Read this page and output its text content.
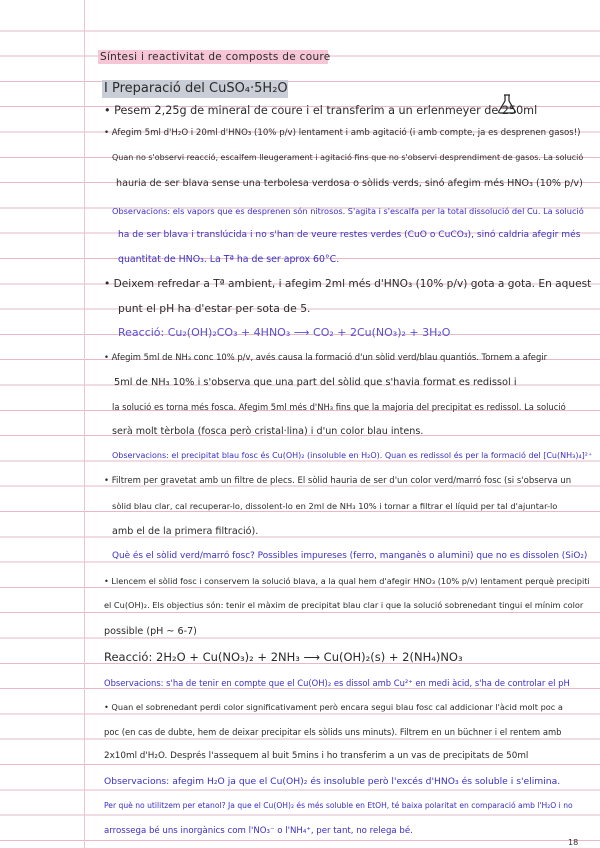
Síntesi i reactivitat de composts de coure
I Preparació del CuSO₄·5H₂O
• Pesem 2,25g de mineral de coure i el transferim a un erlenmeyer de 250ml
• Afegim 5ml d'H₂O i 20ml d'HNO₃ (10% p/v) lentament i amb agitació (i amb compte, ja es desprenen gasos!)
Quan no s'observi reacció, escalfem lleugerament i agitació fins que no s'observi desprendiment de gasos. La solució
hauria de ser blava sense una terbolesa verdosa o sòlids verds, sinó afegim més HNO₃ (10% p/v)
Observacions: els vapors que es desprenen són nitrosos. S'agita i s'escalfa per la total dissolució del Cu. La solució
ha de ser blava i translúcida i no s'han de veure restes verdes (CuO o CuCO₃), sinó caldria afegir més
quantitat de HNO₃. La Tª ha de ser aprox 60°C.
• Deixem refredar a Tª ambient, i afegim 2ml més d'HNO₃ (10% p/v) gota a gota. En aquest
punt el pH ha d'estar per sota de 5.
Reacció: Cu₂(OH)₂CO₃ + 4HNO₃ ⟶ CO₂ + 2Cu(NO₃)₂ + 3H₂O
• Afegim 5ml de NH₃ conc 10% p/v, avés causa la formació d'un sòlid verd/blau quantiós. Tornem a afegir
5ml de NH₃ 10% i s'observa que una part del sòlid que s'havia format es redissol i
la solució es torna més fosca. Afegim 5ml més d'NH₃ fins que la majoria del precipitat es redissol. La solució
serà molt tèrbola (fosca però cristal·lina) i d'un color blau intens.
Observacions: el precipitat blau fosc és Cu(OH)₂ (insoluble en H₂O). Quan es redissol és per la formació del [Cu(NH₃)₄]²⁺
• Filtrem per gravetat amb un filtre de plecs. El sòlid hauria de ser d'un color verd/marró fosc (si s'observa un
sòlid blau clar, cal recuperar-lo, dissolent-lo en 2ml de NH₃ 10% i tornar a filtrar el líquid per tal d'ajuntar-lo
amb el de la primera filtració).
Què és el sòlid verd/marró fosc? Possibles impureses (ferro, manganès o alumini) que no es dissolen (SiO₂)
• Llencem el sòlid fosc i conservem la solució blava, a la qual hem d'afegir HNO₃ (10% p/v) lentament perquè precipiti
el Cu(OH)₂. Els objectius són: tenir el màxim de precipitat blau clar i que la solució sobrenedant tingui el mínim color
possible (pH ~ 6-7)
Reacció: 2H₂O + Cu(NO₃)₂ + 2NH₃ ⟶ Cu(OH)₂(s) + 2(NH₄)NO₃
Observacions: s'ha de tenir en compte que el Cu(OH)₂ es dissol amb Cu²⁺ en medi àcid, s'ha de controlar el pH
• Quan el sobrenedant perdi color significativament però encara segui blau fosc cal addicionar l'àcid molt poc a
poc (en cas de dubte, hem de deixar precipitar els sòlids uns minuts). Filtrem en un büchner i el rentem amb
2x10ml d'H₂O. Després l'assequem al buit 5mins i ho transferim a un vas de precipitats de 50ml
Observacions: afegim H₂O ja que el Cu(OH)₂ és insoluble però l'excés d'HNO₃ és soluble i s'elimina.
Per què no utilitzem per etanol? Ja que el Cu(OH)₂ és més soluble en EtOH, té baixa polaritat en comparació amb l'H₂O i no
arrossega bé uns inorgànics com l'NO₃⁻ o l'NH₄⁺, per tant, no relega bé.
18
